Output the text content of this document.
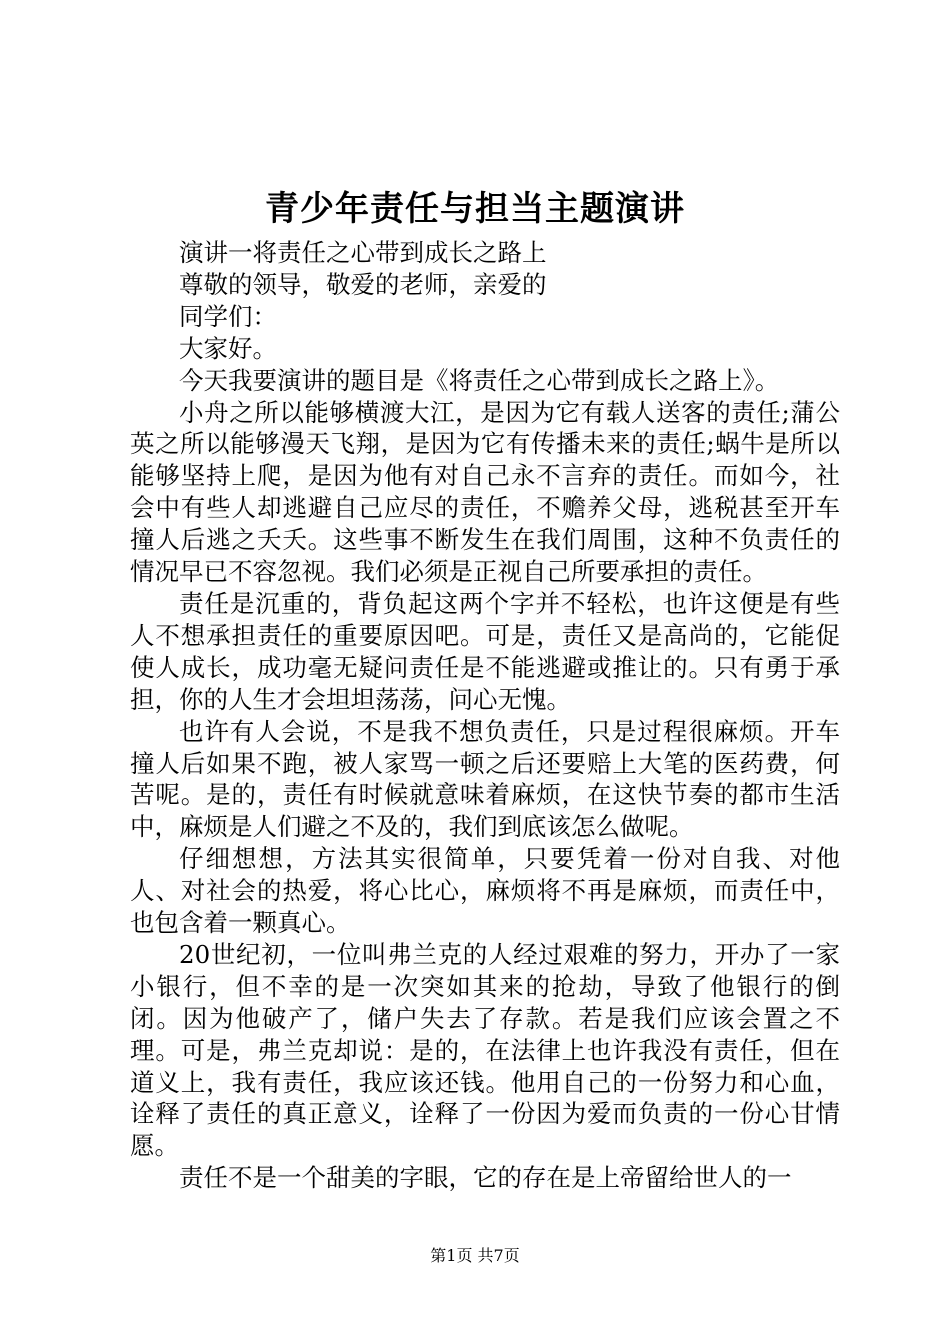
青少年责任与担当主题演讲

演讲一将责任之心带到成长之路上

尊敬的领导，敬爱的老师，亲爱的

同学们：

大家好。

今天我要演讲的题目是《将责任之心带到成长之路上》。

小舟之所以能够横渡大江，是因为它有载人送客的责任;蒲公英之所以能够漫天飞翔，是因为它有传播未来的责任;蜗牛是所以能够坚持上爬，是因为他有对自己永不言弃的责任。而如今，社会中有些人却逃避自己应尽的责任，不赡养父母，逃税甚至开车撞人后逃之夭夭。这些事不断发生在我们周围，这种不负责任的情况早已不容忽视。我们必须是正视自己所要承担的责任。

责任是沉重的，背负起这两个字并不轻松，也许这便是有些人不想承担责任的重要原因吧。可是，责任又是高尚的，它能促使人成长，成功毫无疑问责任是不能逃避或推让的。只有勇于承担，你的人生才会坦坦荡荡，问心无愧。

也许有人会说，不是我不想负责任，只是过程很麻烦。开车撞人后如果不跑，被人家骂一顿之后还要赔上大笔的医药费，何苦呢。是的，责任有时候就意味着麻烦，在这快节奏的都市生活中，麻烦是人们避之不及的，我们到底该怎么做呢。

仔细想想，方法其实很简单，只要凭着一份对自我、对他人、对社会的热爱，将心比心，麻烦将不再是麻烦，而责任中，也包含着一颗真心。

20世纪初，一位叫弗兰克的人经过艰难的努力，开办了一家小银行，但不幸的是一次突如其来的抢劫，导致了他银行的倒闭。因为他破产了，储户失去了存款。若是我们应该会置之不理。可是，弗兰克却说：是的，在法律上也许我没有责任，但在道义上，我有责任，我应该还钱。他用自己的一份努力和心血，诠释了责任的真正意义，诠释了一份因为爱而负责的一份心甘情愿。

责任不是一个甜美的字眼，它的存在是上帝留给世人的一

第1页 共7页
